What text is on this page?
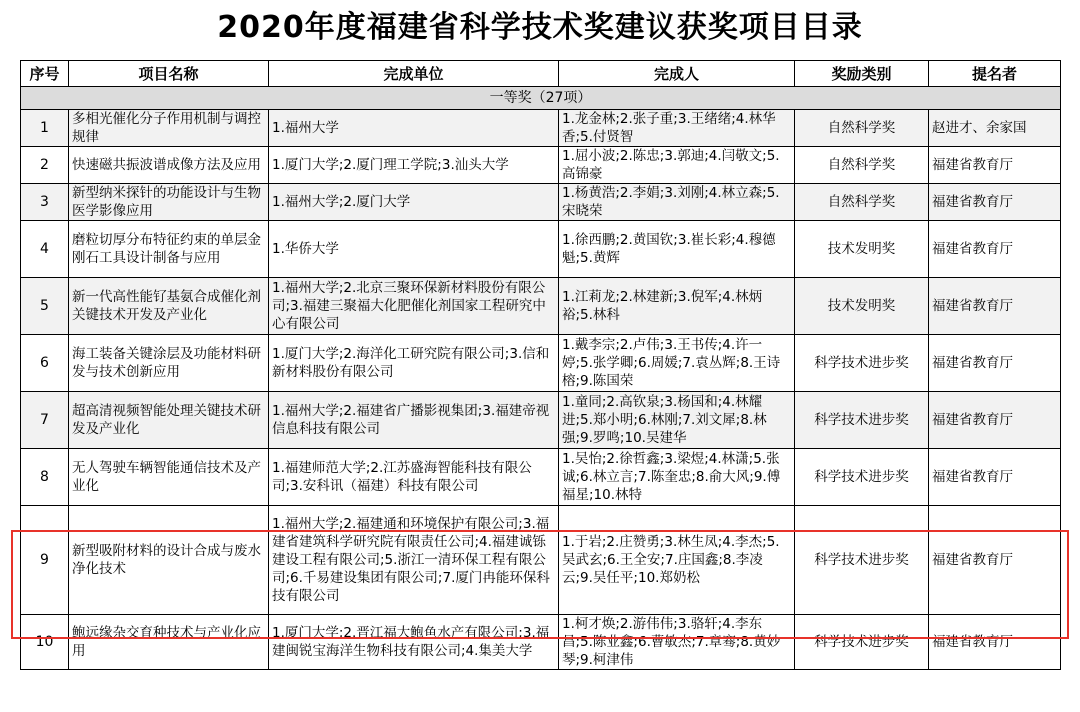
2020年度福建省科学技术奖建议获奖项目目录
序号	项目名称	完成单位	完成人	奖励类别	提名者
一等奖（27项）					

1	多相光催化分子作用机制与调控规律	1.福州大学	1.龙金林;2.张子重;3.王绪绪;4.林华香;5.付贤智	自然科学奖	赵进才、余家国

2	快速磁共振波谱成像方法及应用	1.厦门大学;2.厦门理工学院;3.汕头大学	1.屈小波;2.陈忠;3.郭迪;4.闫敬文;5.高锦豪	自然科学奖	福建省教育厅

3	新型纳米探针的功能设计与生物医学影像应用	1.福州大学;2.厦门大学	1.杨黄浩;2.李娟;3.刘刚;4.林立森;5.宋晓荣	自然科学奖	福建省教育厅

4	磨粒切厚分布特征约束的单层金刚石工具设计制备与应用	1.华侨大学	1.徐西鹏;2.黄国钦;3.崔长彩;4.穆德魁;5.黄辉	技术发明奖	福建省教育厅

5	新一代高性能钌基氨合成催化剂关键技术开发及产业化	1.福州大学;2.北京三聚环保新材料股份有限公司;3.福建三聚福大化肥催化剂国家工程研究中心有限公司	1.江莉龙;2.林建新;3.倪军;4.林炳裕;5.林科	技术发明奖	福建省教育厅

6	海工装备关键涂层及功能材料研发与技术创新应用	1.厦门大学;2.海洋化工研究院有限公司;3.信和新材料股份有限公司	1.戴李宗;2.卢伟;3.王书传;4.许一婷;5.张学卿;6.周媛;7.袁丛辉;8.王诗榕;9.陈国荣	科学技术进步奖	福建省教育厅

7	超高清视频智能处理关键技术研发及产业化	1.福州大学;2.福建省广播影视集团;3.福建帝视信息科技有限公司	1.童同;2.高钦泉;3.杨国和;4.林耀进;5.郑小明;6.林刚;7.刘文犀;8.林强;9.罗鸣;10.吴建华	科学技术进步奖	福建省教育厅

8	无人驾驶车辆智能通信技术及产业化	1.福建师范大学;2.江苏盛海智能科技有限公司;3.安科讯（福建）科技有限公司	1.吴怡;2.徐哲鑫;3.梁煜;4.林潇;5.张诚;6.林立言;7.陈奎忠;8.俞大风;9.傅福星;10.林特	科学技术进步奖	福建省教育厅

9	新型吸附材料的设计合成与废水净化技术	1.福州大学;2.福建通和环境保护有限公司;3.福建省建筑科学研究院有限责任公司;4.福建诚铄建设工程有限公司;5.浙江一清环保工程有限公司;6.千易建设集团有限公司;7.厦门冉能环保科技有限公司	1.于岩;2.庄赞勇;3.林生凤;4.李杰;5.吴武玄;6.王全安;7.庄国鑫;8.李凌云;9.吴任平;10.郑奶松	科学技术进步奖	福建省教育厅

10	鲍远缘杂交育种技术与产业化应用	1.厦门大学;2.晋江福大鲍鱼水产有限公司;3.福建闽锐宝海洋生物科技有限公司;4.集美大学	1.柯才焕;2.游伟伟;3.骆轩;4.李东昌;5.陈业鑫;6.曹敏杰;7.章骞;8.黄妙琴;9.柯津伟	科学技术进步奖	福建省教育厅
